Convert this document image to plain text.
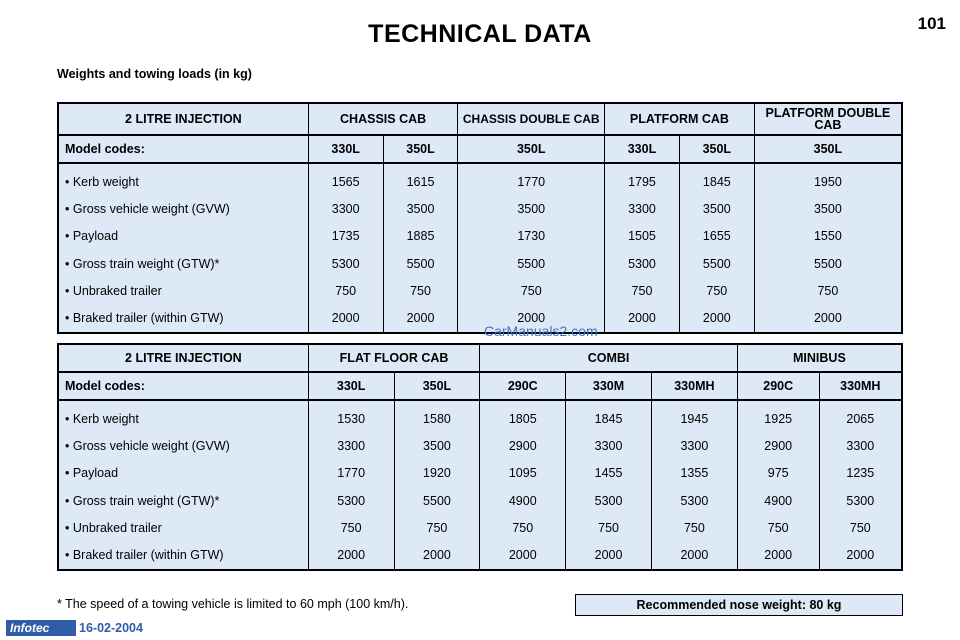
TECHNICAL DATA	101
Weights and towing loads (in kg)
2 LITRE INJECTION	CHASSIS CAB		CHASSIS DOUBLE CAB	PLATFORM CAB		PLATFORM DOUBLE CAB
Model codes:	330L	350L	350L	330L	350L	350L
• Kerb weight	1565	1615	1770	1795	1845	1950
• Gross vehicle weight (GVW)	3300	3500	3500	3300	3500	3500
• Payload	1735	1885	1730	1505	1655	1550
• Gross train weight (GTW)*	5300	5500	5500	5300	5500	5500
• Unbraked trailer	750	750	750	750	750	750
• Braked trailer (within GTW)	2000	2000	2000	2000	2000	2000
CarManuals2.com
2 LITRE INJECTION	FLAT FLOOR CAB		COMBI			MINIBUS	
Model codes:	330L	350L	290C	330M	330MH	290C	330MH
• Kerb weight	1530	1580	1805	1845	1945	1925	2065
• Gross vehicle weight (GVW)	3300	3500	2900	3300	3300	2900	3300
• Payload	1770	1920	1095	1455	1355	975	1235
• Gross train weight (GTW)*	5300	5500	4900	5300	5300	4900	5300
• Unbraked trailer	750	750	750	750	750	750	750
• Braked trailer (within GTW)	2000	2000	2000	2000	2000	2000	2000
* The speed of a towing vehicle is limited to 60 mph (100 km/h).	Recommended nose weight: 80 kg
Infotec	16-02-2004
